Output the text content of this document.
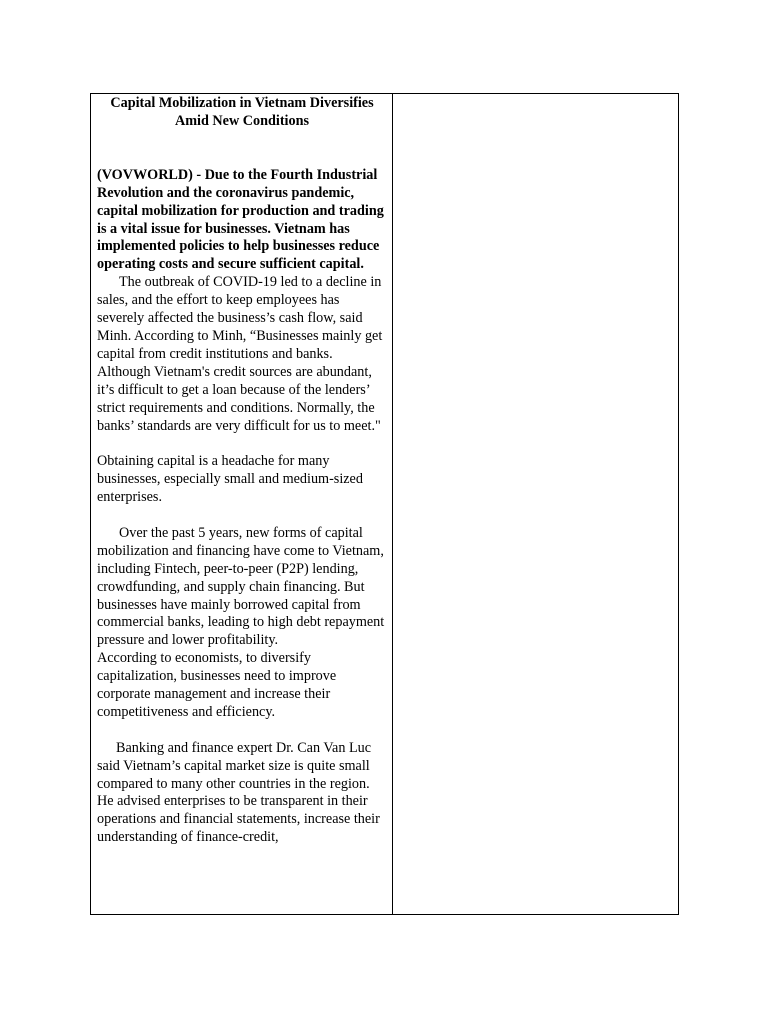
Capital Mobilization in Vietnam Diversifies Amid New Conditions

(VOVWORLD) - Due to the Fourth Industrial Revolution and the coronavirus pandemic, capital mobilization for production and trading is a vital issue for businesses. Vietnam has implemented policies to help businesses reduce operating costs and secure sufficient capital.

The outbreak of COVID-19 led to a decline in sales, and the effort to keep employees has severely affected the business’s cash flow, said Minh. According to Minh, “Businesses mainly get capital from credit institutions and banks. Although Vietnam's credit sources are abundant, it’s difficult to get a loan because of the lenders’ strict requirements and conditions. Normally, the banks’ standards are very difficult for us to meet."

Obtaining capital is a headache for many businesses, especially small and medium-sized enterprises.

Over the past 5 years, new forms of capital mobilization and financing have come to Vietnam, including Fintech, peer-to-peer (P2P) lending, crowdfunding, and supply chain financing. But businesses have mainly borrowed capital from commercial banks, leading to high debt repayment pressure and lower profitability.

According to economists, to diversify capitalization, businesses need to improve corporate management and increase their competitiveness and efficiency.

Banking and finance expert Dr. Can Van Luc said Vietnam’s capital market size is quite small compared to many other countries in the region.

He advised enterprises to be transparent in their operations and financial statements, increase their understanding of finance-credit,
